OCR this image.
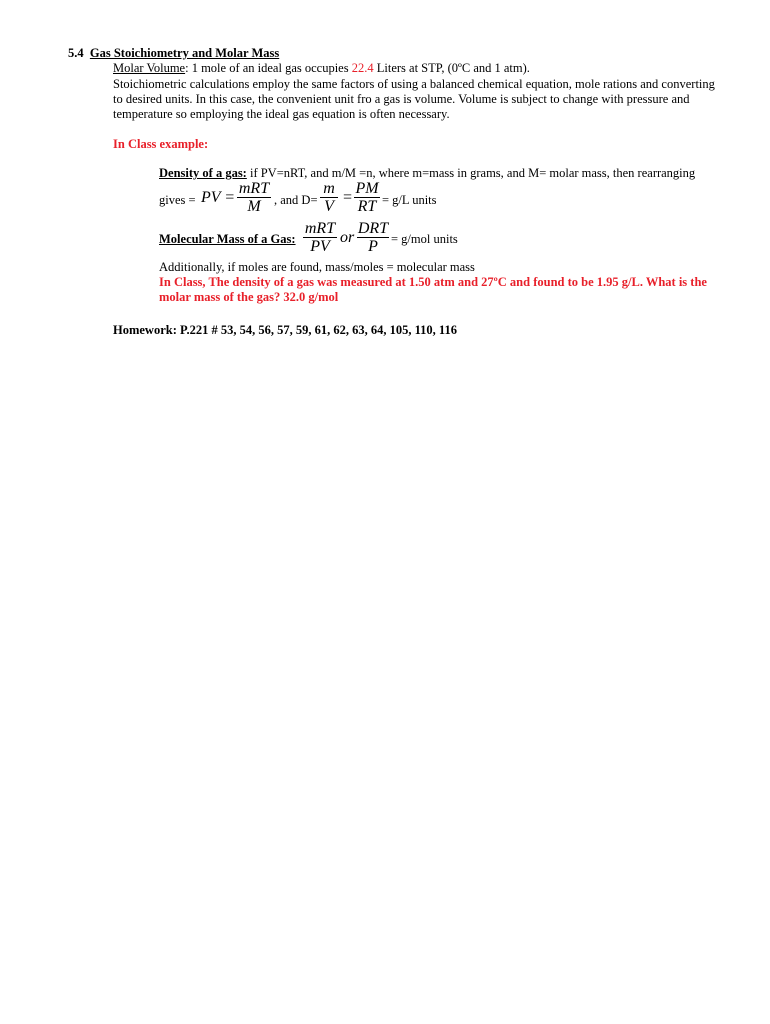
5.4 Gas Stoichiometry and Molar Mass
Molar Volume: 1 mole of an ideal gas occupies 22.4 Liters at STP, (0ºC and 1 atm).
Stoichiometric calculations employ the same factors of using a balanced chemical equation, mole rations and converting
to desired units. In this case, the convenient unit fro a gas is volume. Volume is subject to change with pressure and
temperature so employing the ideal gas equation is often necessary.
In Class example:
Density of a gas: if PV=nRT, and m/M =n, where m=mass in grams, and M= molar mass, then rearranging
gives = PV =
mRT
M	, and D=
m
V
=
PM
RT = g/L units
Molecular Mass of a Gas:
mRT
PV
or
DRT
P	= g/mol units
Additionally, if moles are found, mass/moles = molecular mass
In Class, The density of a gas was measured at 1.50 atm and 27ºC and found to be 1.95 g/L. What is the
molar mass of the gas? 32.0 g/mol
Homework: P.221 # 53, 54, 56, 57, 59, 61, 62, 63, 64, 105, 110, 116
